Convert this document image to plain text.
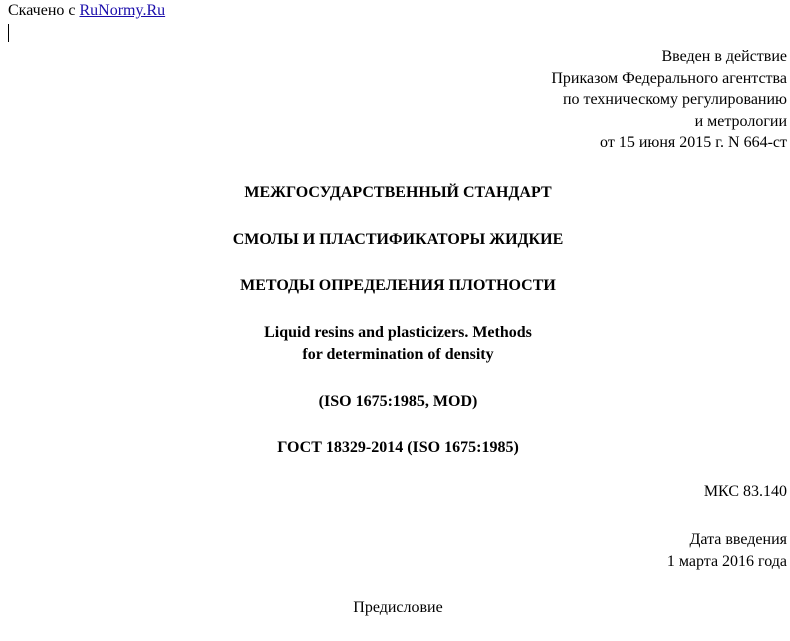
Скачено с RuNormy.Ru
Введен в действие
Приказом Федерального агентства
по техническому регулированию
и метрологии
от 15 июня 2015 г. N 664-ст
МЕЖГОСУДАРСТВЕННЫЙ СТАНДАРТ
СМОЛЫ И ПЛАСТИФИКАТОРЫ ЖИДКИЕ
МЕТОДЫ ОПРЕДЕЛЕНИЯ ПЛОТНОСТИ
Liquid resins and plasticizers. Methods
for determination of density
(ISO 1675:1985, MOD)
ГОСТ 18329-2014 (ISO 1675:1985)
МКС 83.140
Дата введения
1 марта 2016 года
Предисловие
